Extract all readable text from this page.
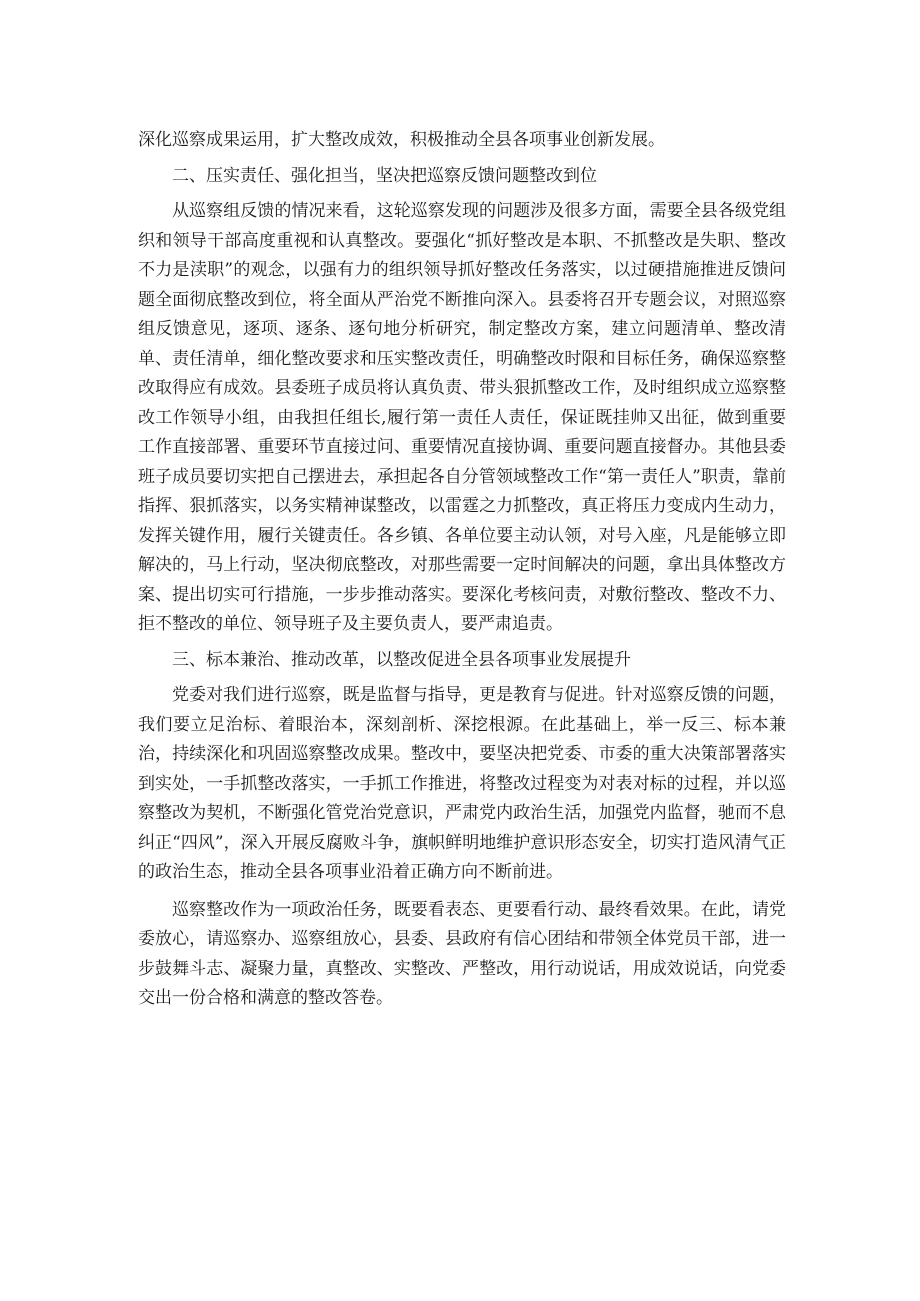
深化巡察成果运用，扩大整改成效，积极推动全县各项事业创新发展。

二、压实责任、强化担当，坚决把巡察反馈问题整改到位

从巡察组反馈的情况来看，这轮巡察发现的问题涉及很多方面，需要全县各级党组织和领导干部高度重视和认真整改。要强化“抓好整改是本职、不抓整改是失职、整改不力是渎职”的观念，以强有力的组织领导抓好整改任务落实，以过硬措施推进反馈问题全面彻底整改到位，将全面从严治党不断推向深入。县委将召开专题会议，对照巡察组反馈意见，逐项、逐条、逐句地分析研究，制定整改方案，建立问题清单、整改清单、责任清单，细化整改要求和压实整改责任，明确整改时限和目标任务，确保巡察整改取得应有成效。县委班子成员将认真负责、带头狠抓整改工作，及时组织成立巡察整改工作领导小组，由我担任组长,履行第一责任人责任，保证既挂帅又出征，做到重要工作直接部署、重要环节直接过问、重要情况直接协调、重要问题直接督办。其他县委班子成员要切实把自己摆进去，承担起各自分管领域整改工作“第一责任人”职责，靠前指挥、狠抓落实，以务实精神谋整改，以雷霆之力抓整改，真正将压力变成内生动力，发挥关键作用，履行关键责任。各乡镇、各单位要主动认领，对号入座，凡是能够立即解决的，马上行动，坚决彻底整改，对那些需要一定时间解决的问题，拿出具体整改方案、提出切实可行措施，一步步推动落实。要深化考核问责，对敷衍整改、整改不力、拒不整改的单位、领导班子及主要负责人，要严肃追责。

三、标本兼治、推动改革，以整改促进全县各项事业发展提升

党委对我们进行巡察，既是监督与指导，更是教育与促进。针对巡察反馈的问题，我们要立足治标、着眼治本，深刻剖析、深挖根源。在此基础上，举一反三、标本兼治，持续深化和巩固巡察整改成果。整改中，要坚决把党委、市委的重大决策部署落实到实处，一手抓整改落实，一手抓工作推进，将整改过程变为对表对标的过程，并以巡察整改为契机，不断强化管党治党意识，严肃党内政治生活，加强党内监督，驰而不息纠正“四风”，深入开展反腐败斗争，旗帜鲜明地维护意识形态安全，切实打造风清气正的政治生态，推动全县各项事业沿着正确方向不断前进。

巡察整改作为一项政治任务，既要看表态、更要看行动、最终看效果。在此，请党委放心，请巡察办、巡察组放心，县委、县政府有信心团结和带领全体党员干部，进一步鼓舞斗志、凝聚力量，真整改、实整改、严整改，用行动说话，用成效说话，向党委交出一份合格和满意的整改答卷。
